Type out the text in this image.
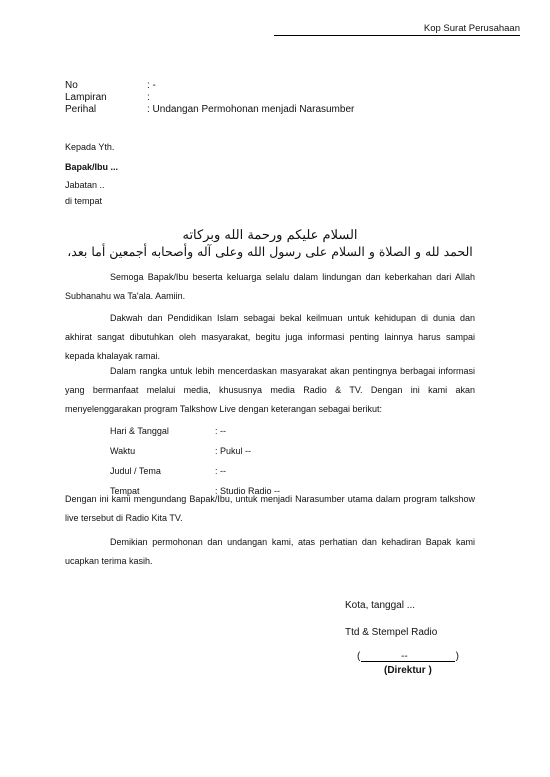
Kop Surat Perusahaan
No	: -
Lampiran	:
Perihal	: Undangan Permohonan menjadi Narasumber
Kepada Yth.
Bapak/Ibu ...
Jabatan ..
di tempat
السلام عليكم ورحمة الله وبركاته
الحمد لله و الصلاة و السلام على رسول الله وعلى آله وأصحابه أجمعين أما بعد،
Semoga Bapak/Ibu beserta keluarga selalu dalam lindungan dan keberkahan dari Allah Subhanahu wa Ta'ala. Aamiin.
Dakwah dan Pendidikan Islam sebagai bekal keilmuan untuk kehidupan di dunia dan akhirat sangat dibutuhkan oleh masyarakat, begitu juga informasi penting lainnya harus sampai kepada khalayak ramai.
Dalam rangka untuk lebih mencerdaskan masyarakat akan pentingnya berbagai informasi yang bermanfaat melalui media, khususnya media Radio & TV. Dengan ini kami akan menyelenggarakan program Talkshow Live dengan keterangan sebagai berikut:
Hari & Tanggal	: --
Waktu	: Pukul --
Judul / Tema	: --
Tempat	: Studio Radio --
Dengan ini kami mengundang Bapak/Ibu, untuk menjadi Narasumber utama dalam program talkshow live tersebut di Radio Kita TV.
Demikian permohonan dan undangan kami, atas perhatian dan kehadiran Bapak kami ucapkan terima kasih.
Kota, tanggal ...
Ttd & Stempel Radio
(	--	)
(Direktur )
